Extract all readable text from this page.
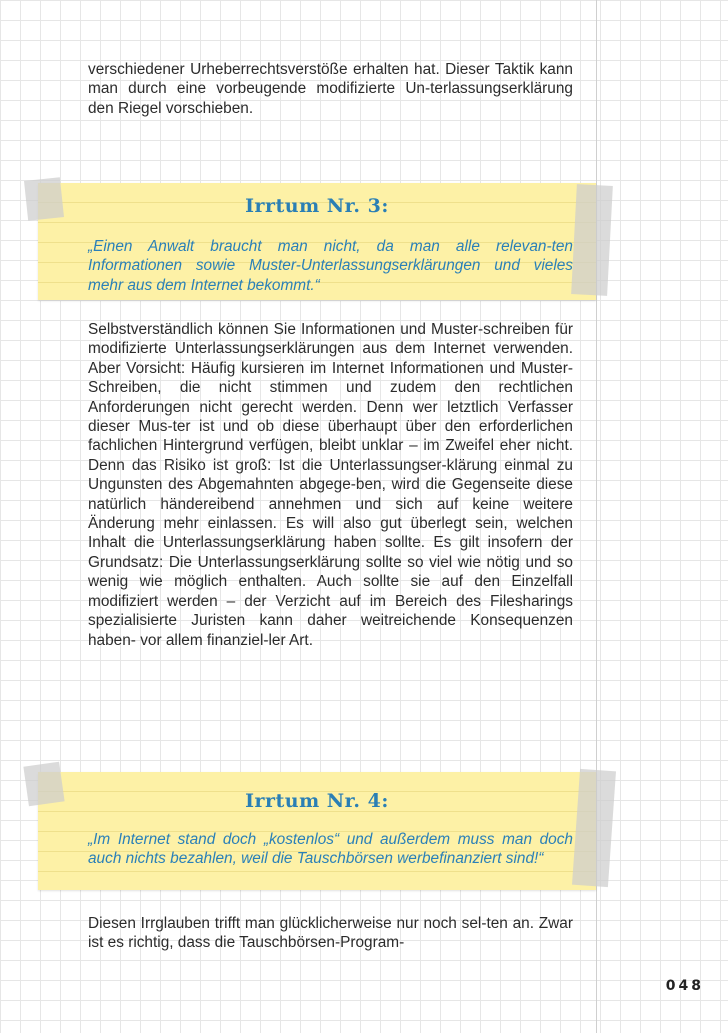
verschiedener Urheberrechtsverstöße erhalten hat. Dieser Taktik kann man durch eine vorbeugende modifizierte Un-terlassungserklärung den Riegel vorschieben.

Irrtum Nr. 3:

„Einen Anwalt braucht man nicht, da man alle relevan-ten Informationen sowie Muster-Unterlassungserklärungen und vieles mehr aus dem Internet bekommt.“

Selbstverständlich können Sie Informationen und Muster-schreiben für modifizierte Unterlassungserklärungen aus dem Internet verwenden. Aber Vorsicht: Häufig kursieren im Internet Informationen und Muster-Schreiben, die nicht stimmen und zudem den rechtlichen Anforderungen nicht gerecht werden. Denn wer letztlich Verfasser dieser Mus-ter ist und ob diese überhaupt über den erforderlichen fachlichen Hintergrund verfügen, bleibt unklar – im Zweifel eher nicht. Denn das Risiko ist groß: Ist die Unterlassungser-klärung einmal zu Ungunsten des Abgemahnten abgege-ben, wird die Gegenseite diese natürlich händereibend annehmen und sich auf keine weitere Änderung mehr einlassen. Es will also gut überlegt sein, welchen Inhalt die Unterlassungserklärung haben sollte. Es gilt insofern der Grundsatz: Die Unterlassungserklärung sollte so viel wie nötig und so wenig wie möglich enthalten. Auch sollte sie auf den Einzelfall modifiziert werden – der Verzicht auf im Bereich des Filesharings spezialisierte Juristen kann daher weitreichende Konsequenzen haben- vor allem finanziel-ler Art.

Irrtum Nr. 4:

„Im Internet stand doch „kostenlos“ und außerdem muss man doch auch nichts bezahlen, weil die Tauschbörsen werbefinanziert sind!“

Diesen Irrglauben trifft man glücklicherweise nur noch sel-ten an. Zwar ist es richtig, dass die Tauschbörsen-Program-

048
